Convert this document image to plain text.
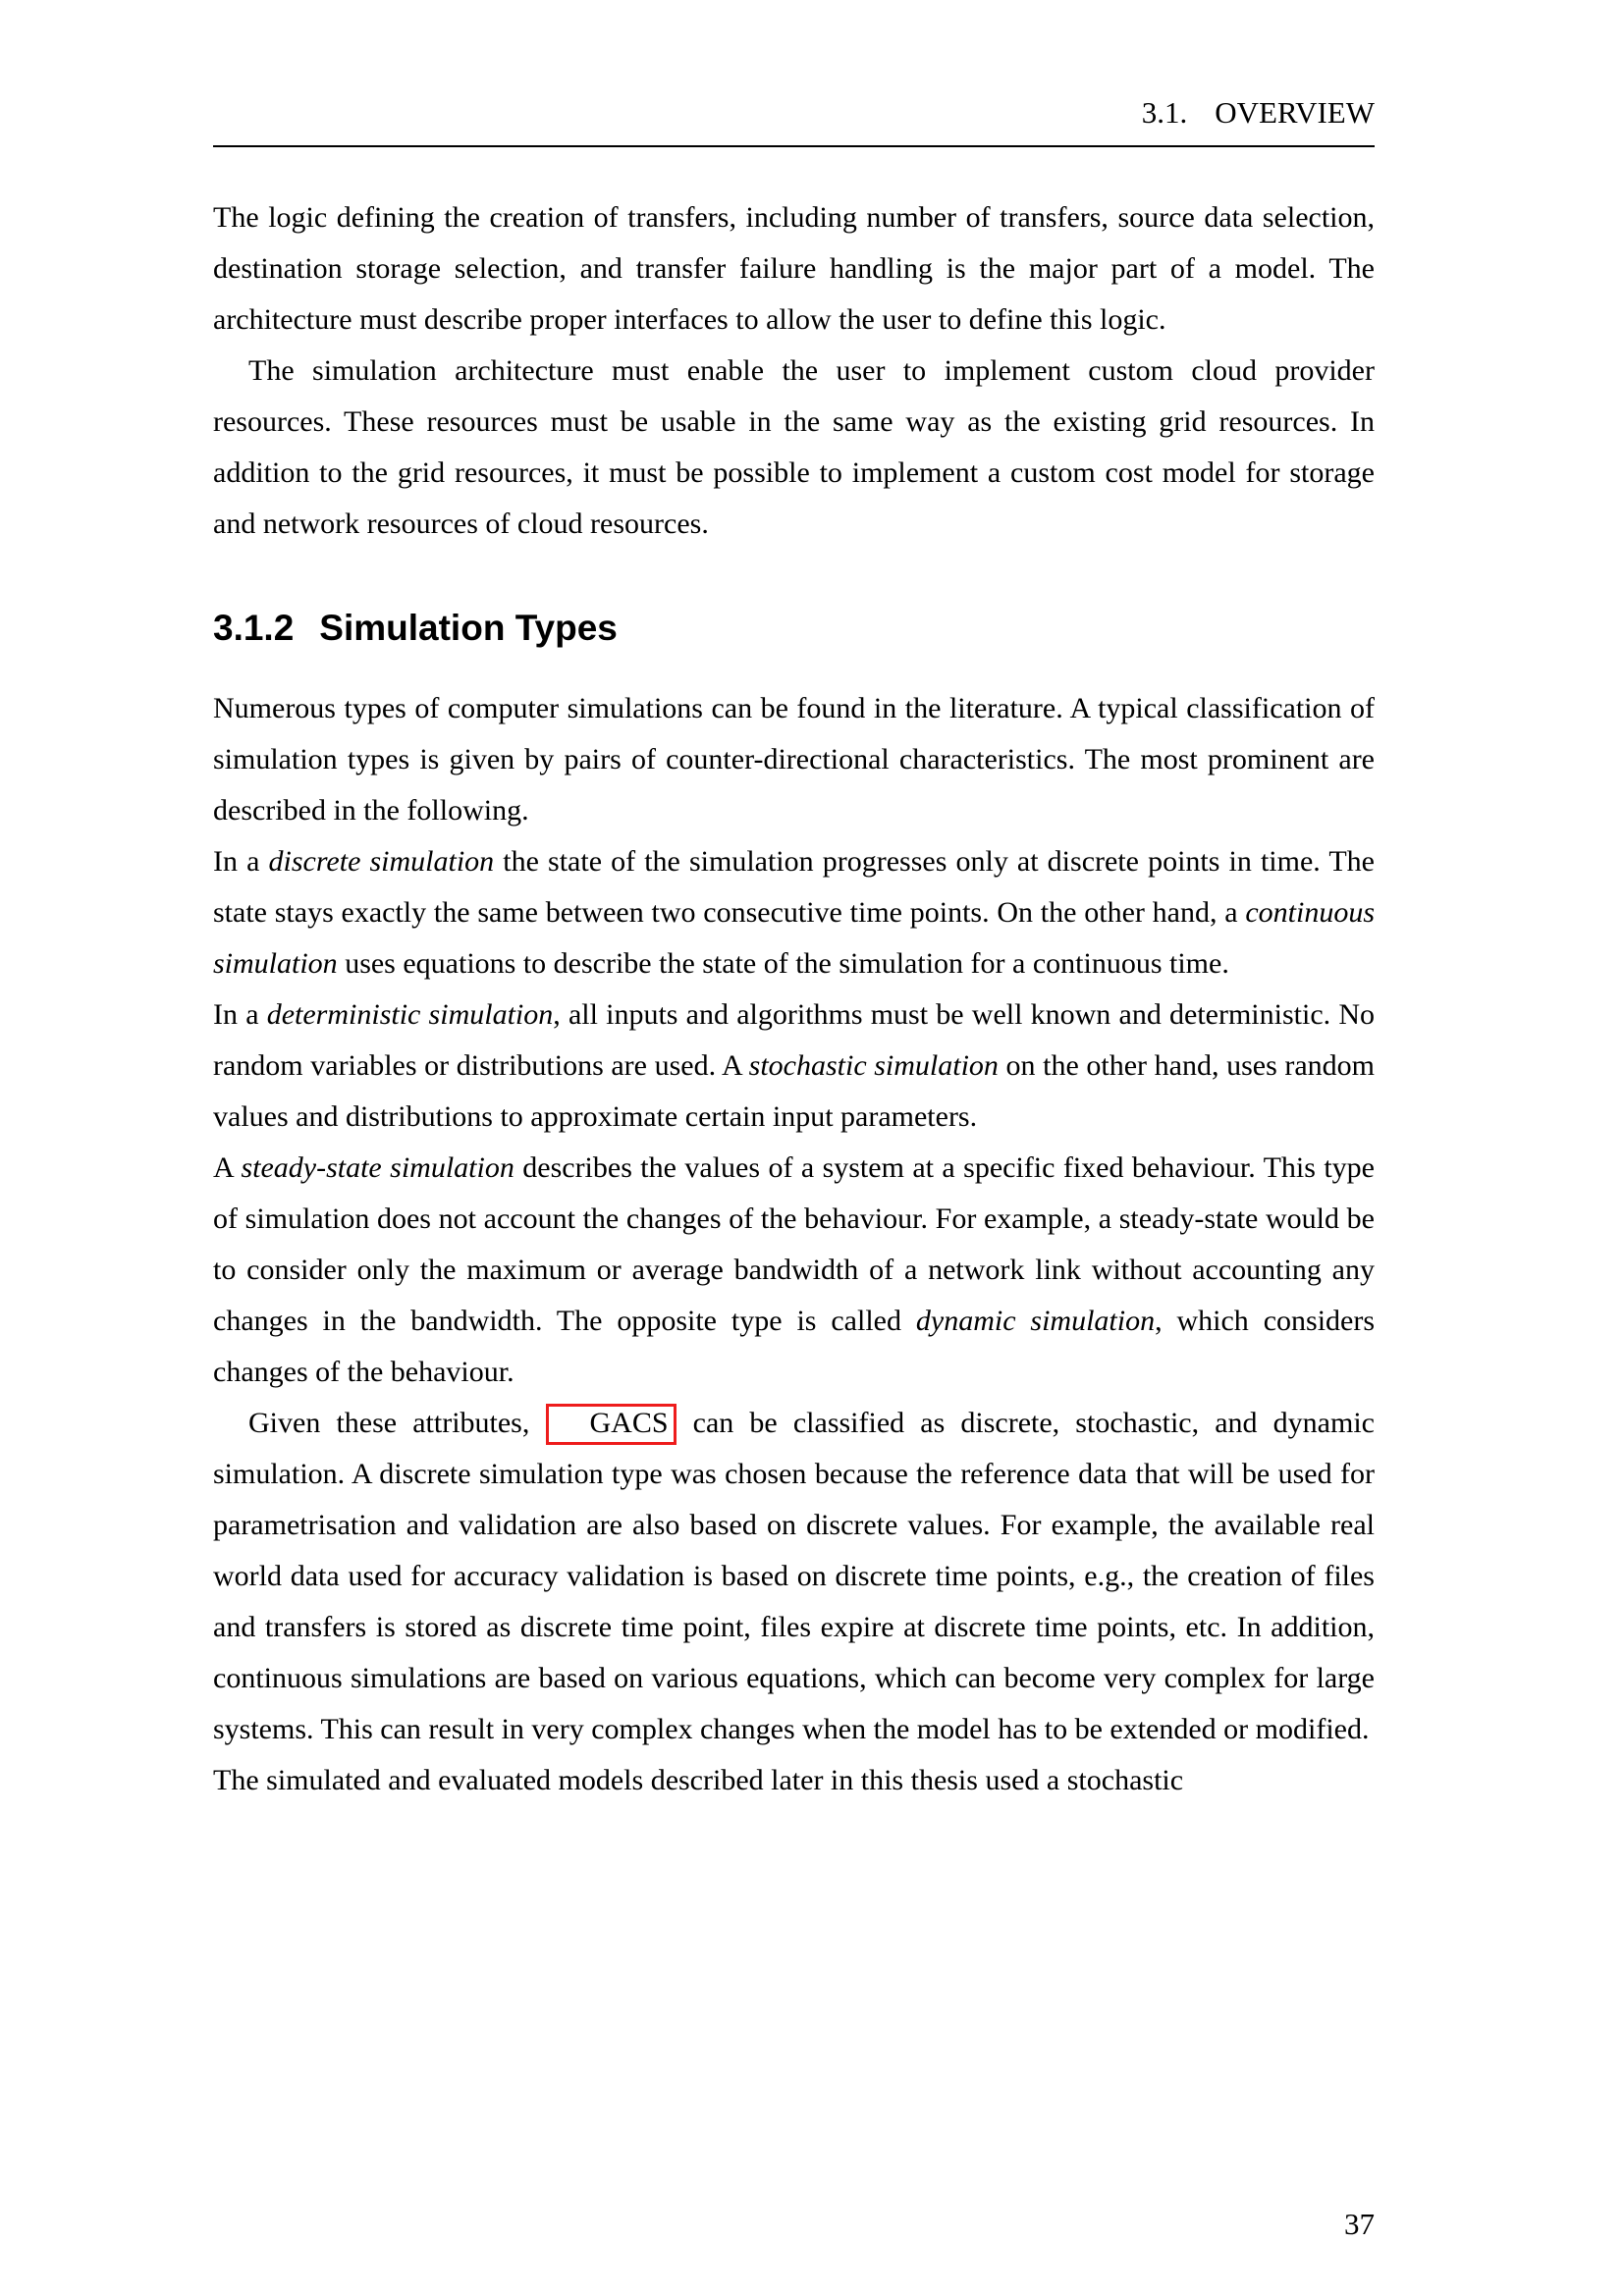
3.1. OVERVIEW

The logic defining the creation of transfers, including number of transfers, source data selection, destination storage selection, and transfer failure handling is the major part of a model. The architecture must describe proper interfaces to allow the user to define this logic.

The simulation architecture must enable the user to implement custom cloud provider resources. These resources must be usable in the same way as the existing grid resources. In addition to the grid resources, it must be possible to implement a custom cost model for storage and network resources of cloud resources.

3.1.2 Simulation Types

Numerous types of computer simulations can be found in the literature. A typical classification of simulation types is given by pairs of counter-directional characteristics. The most prominent are described in the following.

In a discrete simulation the state of the simulation progresses only at discrete points in time. The state stays exactly the same between two consecutive time points. On the other hand, a continuous simulation uses equations to describe the state of the simulation for a continuous time.

In a deterministic simulation, all inputs and algorithms must be well known and deterministic. No random variables or distributions are used. A stochastic simulation on the other hand, uses random values and distributions to approximate certain input parameters.

A steady-state simulation describes the values of a system at a specific fixed behaviour. This type of simulation does not account the changes of the behaviour. For example, a steady-state would be to consider only the maximum or average bandwidth of a network link without accounting any changes in the bandwidth. The opposite type is called dynamic simulation, which considers changes of the behaviour.

Given these attributes, GACS can be classified as discrete, stochastic, and dynamic simulation. A discrete simulation type was chosen because the reference data that will be used for parametrisation and validation are also based on discrete values. For example, the available real world data used for accuracy validation is based on discrete time points, e.g., the creation of files and transfers is stored as discrete time point, files expire at discrete time points, etc. In addition, continuous simulations are based on various equations, which can become very complex for large systems. This can result in very complex changes when the model has to be extended or modified.

The simulated and evaluated models described later in this thesis used a stochastic

37
